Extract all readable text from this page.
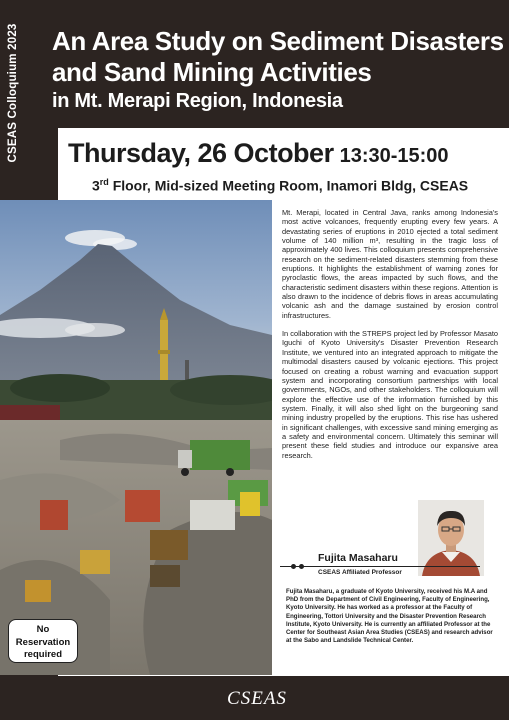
CSEAS Colloquium 2023 An Area Study on Sediment Disasters
and Sand Mining Activities
in Mt. Merapi Region, Indonesia
Thursday, 26 October 13:30-15:00
3rd Floor, Mid-sized Meeting Room, Inamori Bldg, CSEAS

Mt. Merapi, located in Central Java, ranks among Indonesia's most active volcanoes, frequently erupting every few years. A devastating series of eruptions in 2010 ejected a total sediment volume of 140 million m³, resulting in the tragic loss of approximately 400 lives. This colloquium presents comprehensive research on the sediment-related disasters stemming from these eruptions. It highlights the establishment of warning zones for pyroclastic flows, the areas impacted by such flows, and the characteristic sediment disasters within these regions. Attention is also drawn to the incidence of debris flows in areas accumulating volcanic ash and the damage sustained by erosion control infrastructures.

In collaboration with the STREPS project led by Professor Masato Iguchi of Kyoto University's Disaster Prevention Research Institute, we ventured into an integrated approach to mitigate the multimodal disasters caused by volcanic ejections. This project focused on creating a robust warning and evacuation support system and incorporating consortium partnerships with local governments, NGOs, and other stakeholders. The colloquium will explore the effective use of the information furnished by this system. Finally, it will also shed light on the burgeoning sand mining industry propelled by the eruptions. This rise has ushered in significant challenges, with excessive sand mining emerging as a safety and environmental concern. Ultimately this seminar will present these field studies and introduce our expansive area research.

Fujita Masaharu
CSEAS Affiliated Professor
Fujita Masaharu, a graduate of Kyoto University, received his M.A and PhD from the Department of Civil Engineering, Faculty of Engineering, Kyoto University. He has worked as a professor at the Faculty of Engineering, Tottori University and the Disaster Prevention Research Institute, Kyoto University. He is currently an affiliated Professor at the Center for Southeast Asian Area Studies (CSEAS) and research advisor at the Sabo and Landslide Technical Center.
No
Reservation
required
CSEAS
